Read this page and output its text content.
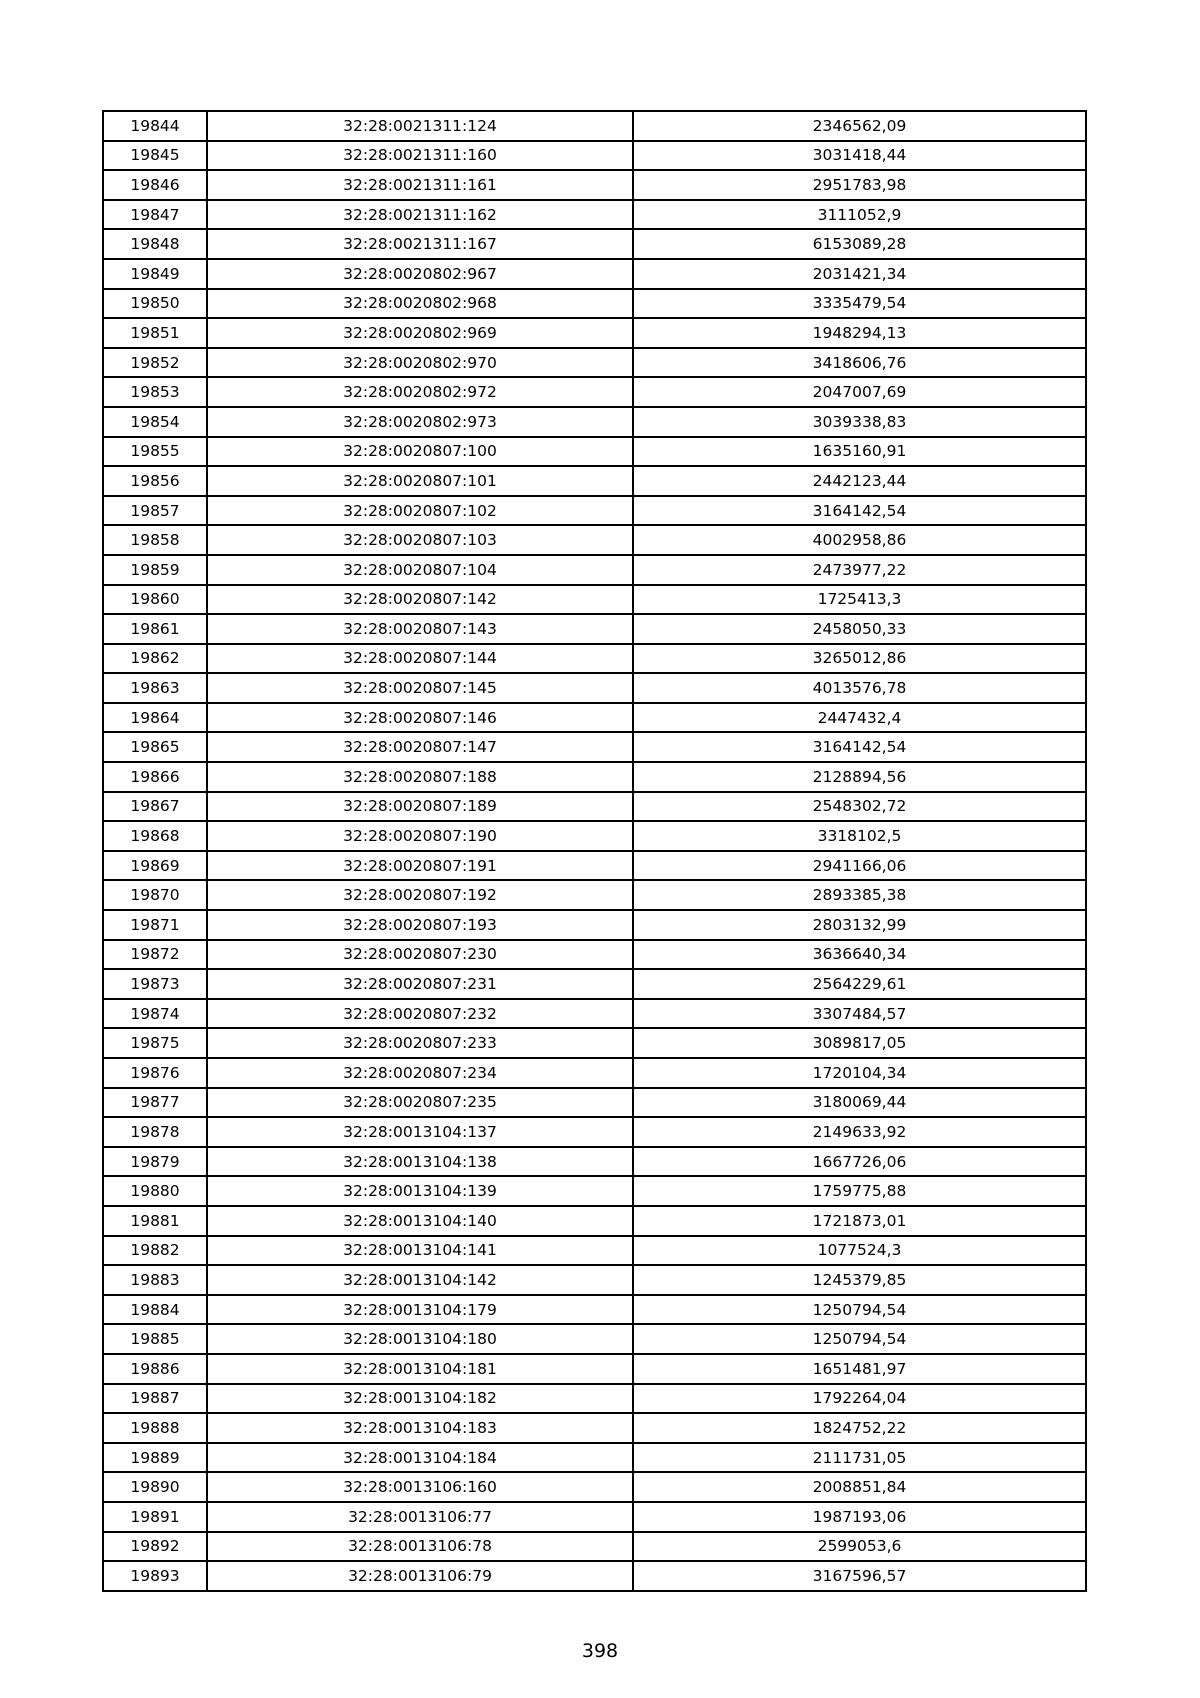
19844	32:28:0021311:124	2346562,09
19845	32:28:0021311:160	3031418,44
19846	32:28:0021311:161	2951783,98
19847	32:28:0021311:162	3111052,9
19848	32:28:0021311:167	6153089,28
19849	32:28:0020802:967	2031421,34
19850	32:28:0020802:968	3335479,54
19851	32:28:0020802:969	1948294,13
19852	32:28:0020802:970	3418606,76
19853	32:28:0020802:972	2047007,69
19854	32:28:0020802:973	3039338,83
19855	32:28:0020807:100	1635160,91
19856	32:28:0020807:101	2442123,44
19857	32:28:0020807:102	3164142,54
19858	32:28:0020807:103	4002958,86
19859	32:28:0020807:104	2473977,22
19860	32:28:0020807:142	1725413,3
19861	32:28:0020807:143	2458050,33
19862	32:28:0020807:144	3265012,86
19863	32:28:0020807:145	4013576,78
19864	32:28:0020807:146	2447432,4
19865	32:28:0020807:147	3164142,54
19866	32:28:0020807:188	2128894,56
19867	32:28:0020807:189	2548302,72
19868	32:28:0020807:190	3318102,5
19869	32:28:0020807:191	2941166,06
19870	32:28:0020807:192	2893385,38
19871	32:28:0020807:193	2803132,99
19872	32:28:0020807:230	3636640,34
19873	32:28:0020807:231	2564229,61
19874	32:28:0020807:232	3307484,57
19875	32:28:0020807:233	3089817,05
19876	32:28:0020807:234	1720104,34
19877	32:28:0020807:235	3180069,44
19878	32:28:0013104:137	2149633,92
19879	32:28:0013104:138	1667726,06
19880	32:28:0013104:139	1759775,88
19881	32:28:0013104:140	1721873,01
19882	32:28:0013104:141	1077524,3
19883	32:28:0013104:142	1245379,85
19884	32:28:0013104:179	1250794,54
19885	32:28:0013104:180	1250794,54
19886	32:28:0013104:181	1651481,97
19887	32:28:0013104:182	1792264,04
19888	32:28:0013104:183	1824752,22
19889	32:28:0013104:184	2111731,05
19890	32:28:0013106:160	2008851,84
19891	32:28:0013106:77	1987193,06
19892	32:28:0013106:78	2599053,6
19893	32:28:0013106:79	3167596,57
398
